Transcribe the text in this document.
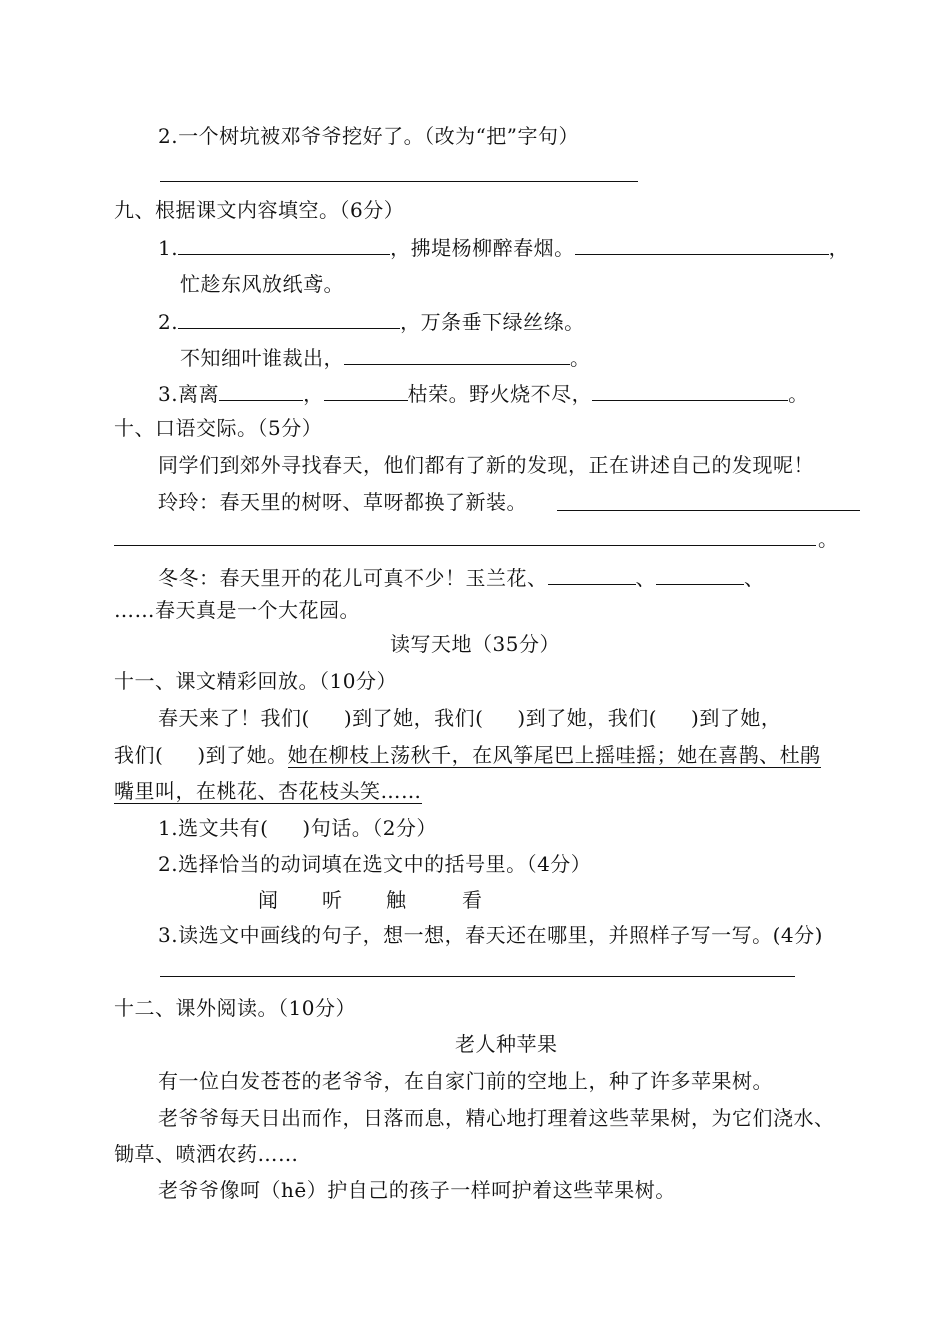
2.一个树坑被邓爷爷挖好了。（改为“把”字句）
九、根据课文内容填空。（6分）
1.	，拂堤杨柳醉春烟。	，
忙趁东风放纸鸢。
2.	，万条垂下绿丝绦。
不知细叶谁裁出，	。
3.离离	，	枯荣。野火烧不尽，	。
十、口语交际。（5分）
同学们到郊外寻找春天，他们都有了新的发现，正在讲述自己的发现呢！
玲玲：春天里的树呀、草呀都换了新装。
。
冬冬：春天里开的花儿可真不少！玉兰花、	、	、
……春天真是一个大花园。
读写天地（35分）
十一、课文精彩回放。（10分）
春天来了！我们( )到了她，我们( )到了她，我们( )到了她，
我们( )到了她。她在柳枝上荡秋千，在风筝尾巴上摇哇摇；她在喜鹊、杜鹃
嘴里叫，在桃花、杏花枝头笑……
1.选文共有( )句话。（2分）
2.选择恰当的动词填在选文中的括号里。（4分）
闻 听 触	看
3.读选文中画线的句子，想一想，春天还在哪里，并照样子写一写。(4分)
十二、课外阅读。（10分）
老人种苹果
有一位白发苍苍的老爷爷，在自家门前的空地上，种了许多苹果树。
老爷爷每天日出而作，日落而息，精心地打理着这些苹果树，为它们浇水、
锄草、喷洒农药……
老爷爷像呵（hē）护自己的孩子一样呵护着这些苹果树。
